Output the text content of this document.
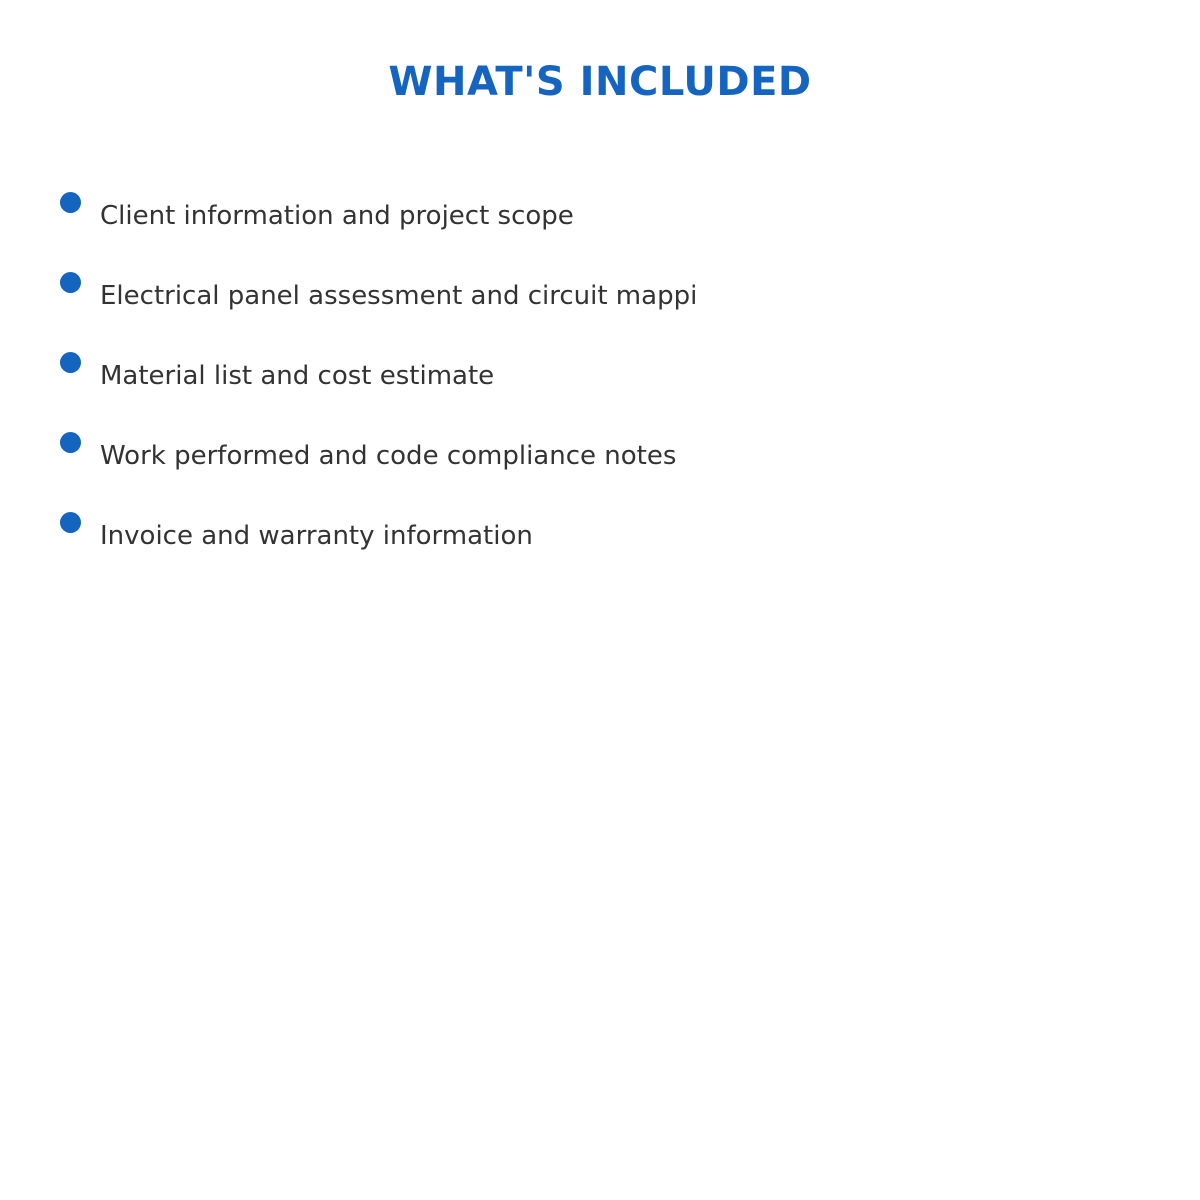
WHAT'S INCLUDED
Client information and project scope
Electrical panel assessment and circuit mappi
Material list and cost estimate
Work performed and code compliance notes
Invoice and warranty information
